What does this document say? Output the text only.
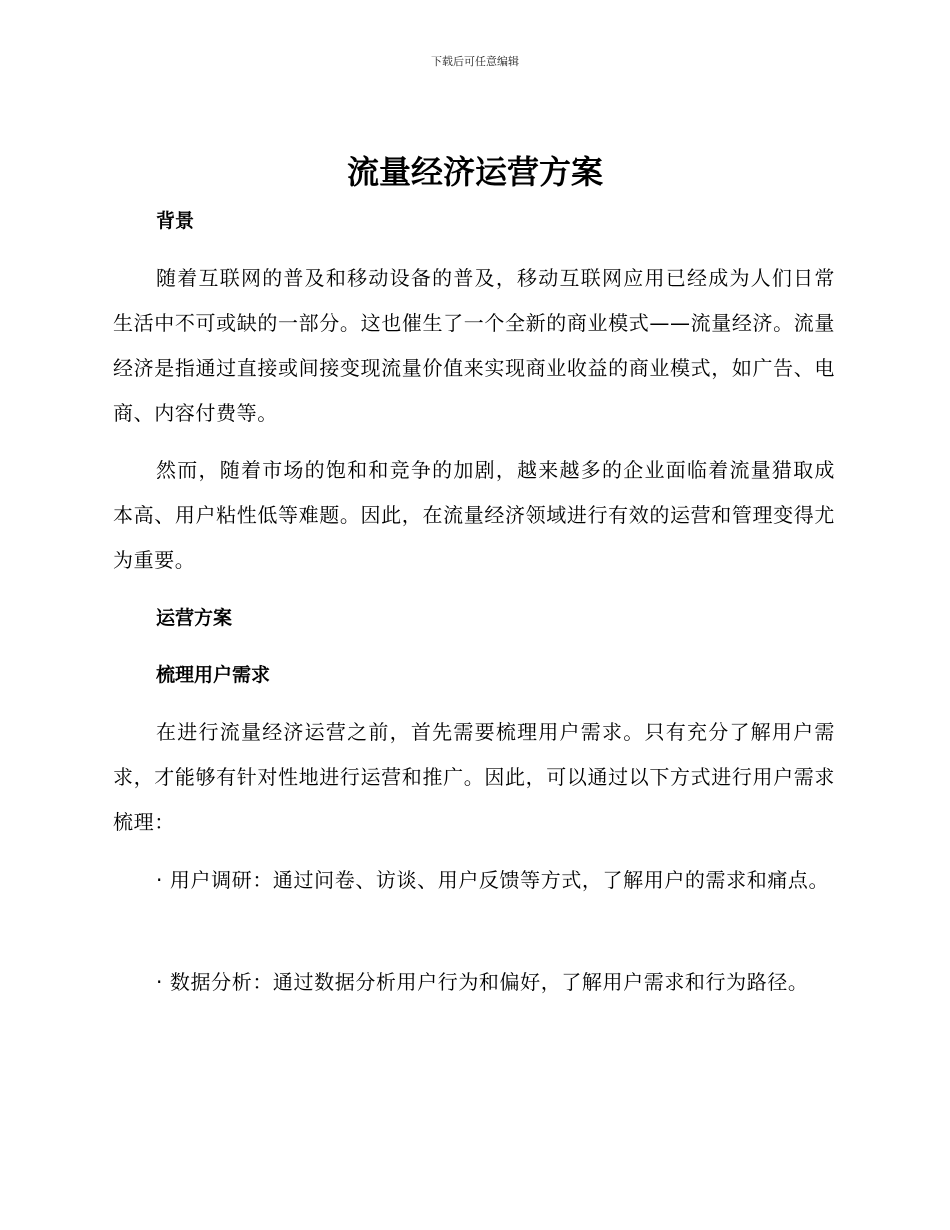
下载后可任意编辑
流量经济运营方案
背景

随着互联网的普及和移动设备的普及，移动互联网应用已经成为人们日常生活中不可或缺的一部分。这也催生了一个全新的商业模式——流量经济。流量经济是指通过直接或间接变现流量价值来实现商业收益的商业模式，如广告、电商、内容付费等。

然而，随着市场的饱和和竞争的加剧，越来越多的企业面临着流量猎取成本高、用户粘性低等难题。因此，在流量经济领域进行有效的运营和管理变得尤为重要。

运营方案
梳理用户需求

在进行流量经济运营之前，首先需要梳理用户需求。只有充分了解用户需求，才能够有针对性地进行运营和推广。因此，可以通过以下方式进行用户需求梳理：

· 用户调研：通过问卷、访谈、用户反馈等方式，了解用户的需求和痛点。

· 数据分析：通过数据分析用户行为和偏好，了解用户需求和行为路径。
